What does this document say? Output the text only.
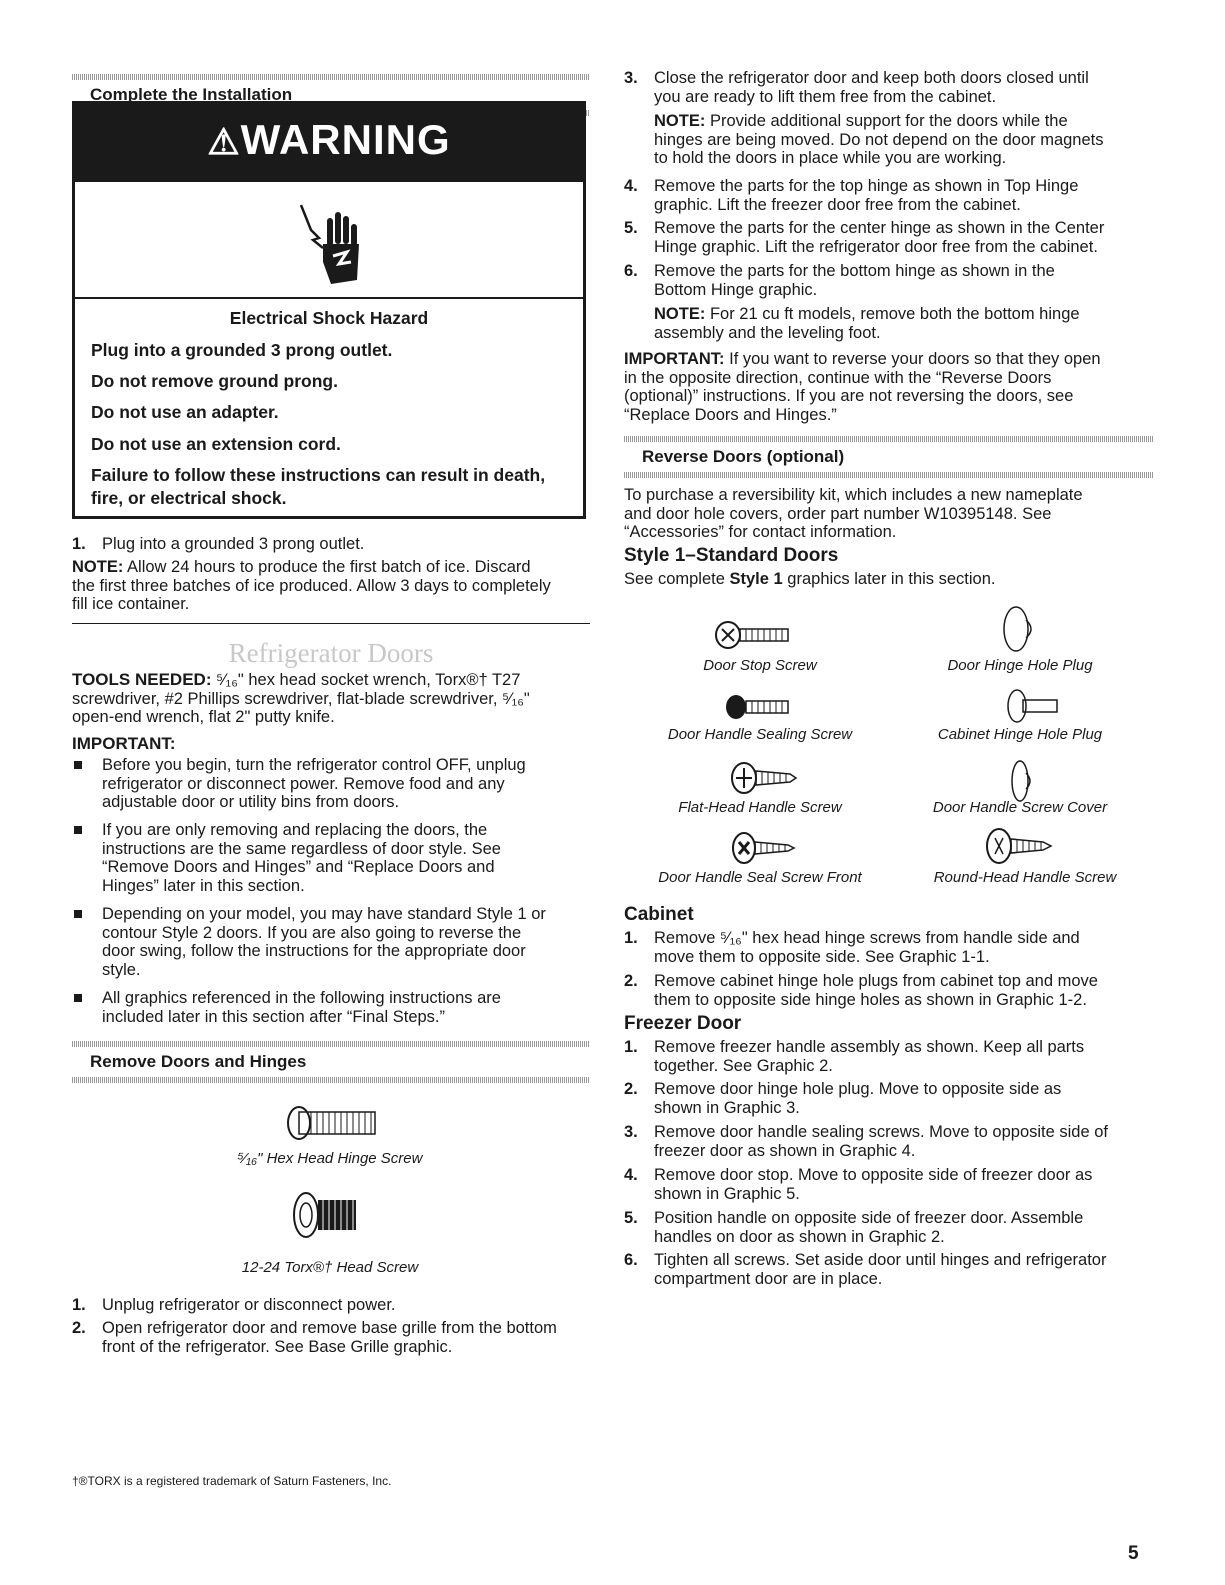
Complete the Installation
⚠WARNING
Electrical Shock Hazard
Plug into a grounded 3 prong outlet.
Do not remove ground prong.
Do not use an adapter.
Do not use an extension cord.
Failure to follow these instructions can result in death,
fire, or electrical shock.
1. Plug into a grounded 3 prong outlet.
NOTE: Allow 24 hours to produce the first batch of ice. Discard
the first three batches of ice produced. Allow 3 days to completely
fill ice container.
Refrigerator Doors
TOOLS NEEDED: ⁵⁄₁₆" hex head socket wrench, Torx®† T27
screwdriver, #2 Phillips screwdriver, flat-blade screwdriver, ⁵⁄₁₆"
open-end wrench, flat 2" putty knife.
IMPORTANT:
Before you begin, turn the refrigerator control OFF, unplug
refrigerator or disconnect power. Remove food and any
adjustable door or utility bins from doors.
If you are only removing and replacing the doors, the
instructions are the same regardless of door style. See
“Remove Doors and Hinges” and “Replace Doors and
Hinges” later in this section.
Depending on your model, you may have standard Style 1 or
contour Style 2 doors. If you are also going to reverse the
door swing, follow the instructions for the appropriate door
style.
All graphics referenced in the following instructions are
included later in this section after “Final Steps.”
Remove Doors and Hinges
⁵⁄₁₆" Hex Head Hinge Screw
12-24 Torx®† Head Screw
1. Unplug refrigerator or disconnect power.
2. Open refrigerator door and remove base grille from the bottom
front of the refrigerator. See Base Grille graphic.
†®TORX is a registered trademark of Saturn Fasteners, Inc.
3. Close the refrigerator door and keep both doors closed until
you are ready to lift them free from the cabinet.
NOTE: Provide additional support for the doors while the
hinges are being moved. Do not depend on the door magnets
to hold the doors in place while you are working.
4. Remove the parts for the top hinge as shown in Top Hinge
graphic. Lift the freezer door free from the cabinet.
5. Remove the parts for the center hinge as shown in the Center
Hinge graphic. Lift the refrigerator door free from the cabinet.
6. Remove the parts for the bottom hinge as shown in the
Bottom Hinge graphic.
NOTE: For 21 cu ft models, remove both the bottom hinge
assembly and the leveling foot.
IMPORTANT: If you want to reverse your doors so that they open
in the opposite direction, continue with the “Reverse Doors
(optional)” instructions. If you are not reversing the doors, see
“Replace Doors and Hinges.”
Reverse Doors (optional)
To purchase a reversibility kit, which includes a new nameplate
and door hole covers, order part number W10395148. See
“Accessories” for contact information.
Style 1–Standard Doors
See complete Style 1 graphics later in this section.
Door Stop Screw	Door Hinge Hole Plug
Door Handle Sealing Screw	Cabinet Hinge Hole Plug
Flat-Head Handle Screw	Door Handle Screw Cover
Door Handle Seal Screw Front	Round-Head Handle Screw
Cabinet
1. Remove ⁵⁄₁₆" hex head hinge screws from handle side and
move them to opposite side. See Graphic 1-1.
2. Remove cabinet hinge hole plugs from cabinet top and move
them to opposite side hinge holes as shown in Graphic 1-2.
Freezer Door
1. Remove freezer handle assembly as shown. Keep all parts
together. See Graphic 2.
2. Remove door hinge hole plug. Move to opposite side as
shown in Graphic 3.
3. Remove door handle sealing screws. Move to opposite side of
freezer door as shown in Graphic 4.
4. Remove door stop. Move to opposite side of freezer door as
shown in Graphic 5.
5. Position handle on opposite side of freezer door. Assemble
handles on door as shown in Graphic 2.
6. Tighten all screws. Set aside door until hinges and refrigerator
compartment door are in place.
5
